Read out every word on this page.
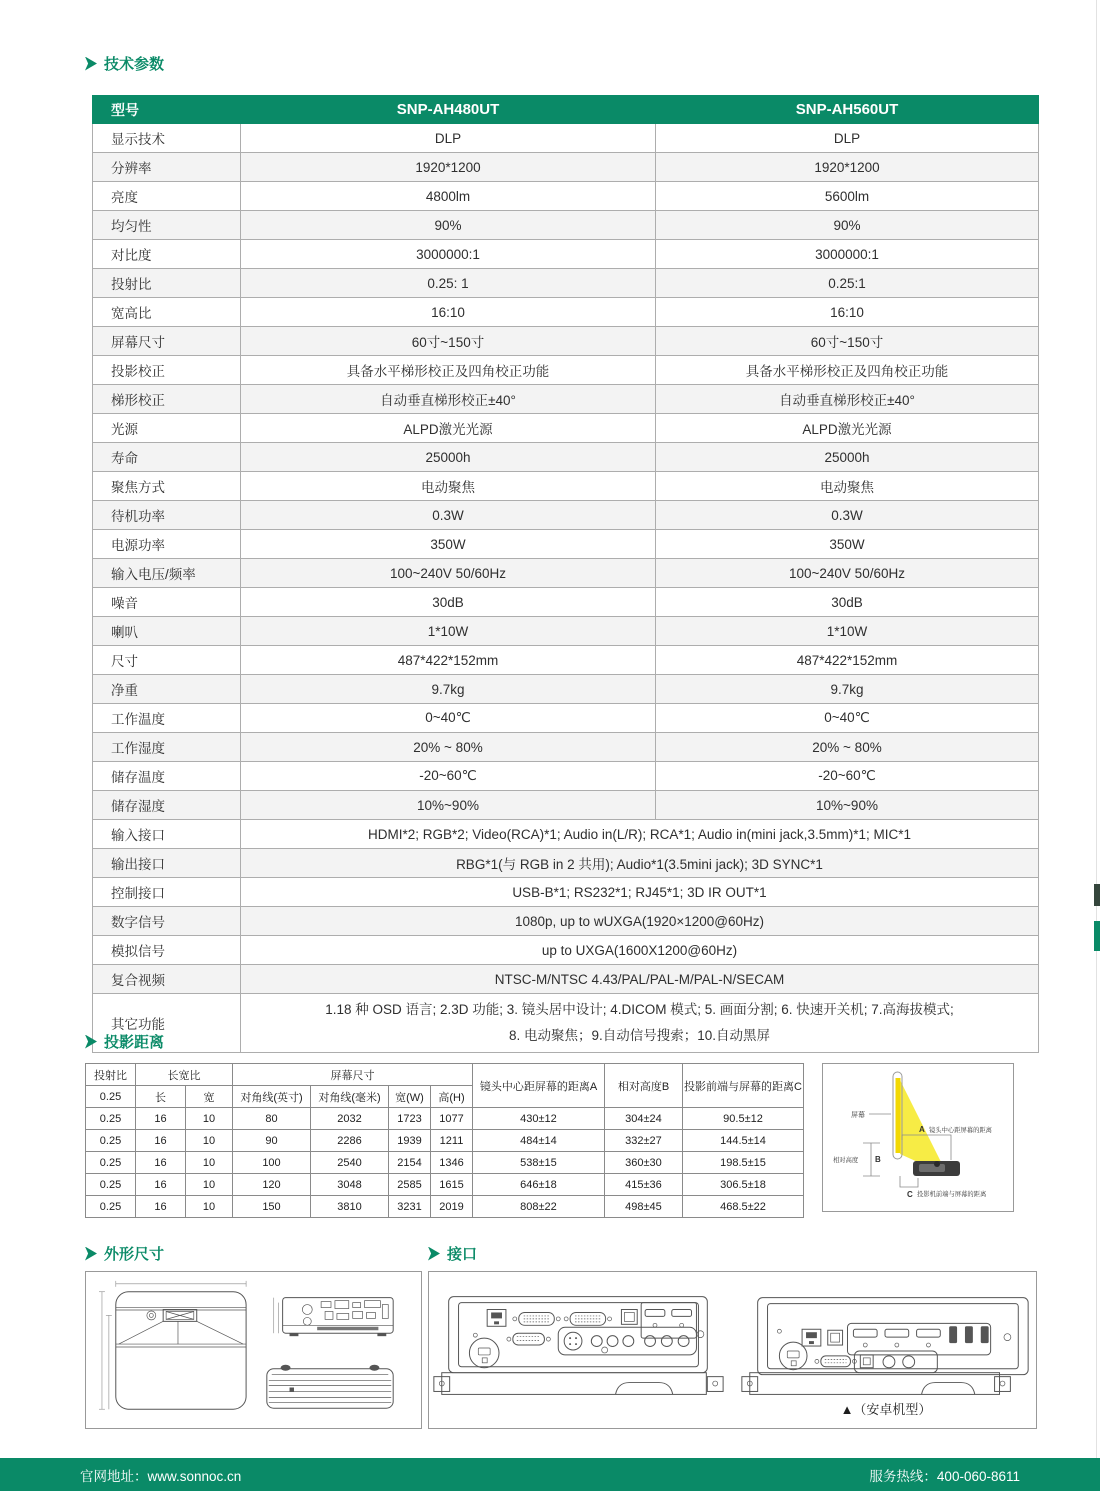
技术参数
型号	SNP-AH480UT	SNP-AH560UT
显示技术	DLP	DLP
分辨率	1920*1200	1920*1200
亮度	4800lm	5600lm
均匀性	90%	90%
对比度	3000000:1	3000000:1
投射比	0.25: 1	0.25:1
宽高比	16:10	16:10
屏幕尺寸	60寸~150寸	60寸~150寸
投影校正	具备水平梯形校正及四角校正功能	具备水平梯形校正及四角校正功能
梯形校正	自动垂直梯形校正±40°	自动垂直梯形校正±40°
光源	ALPD激光光源	ALPD激光光源
寿命	25000h	25000h
聚焦方式	电动聚焦	电动聚焦
待机功率	0.3W	0.3W
电源功率	350W	350W
输入电压/频率	100~240V 50/60Hz	100~240V 50/60Hz
噪音	30dB	30dB
喇叭	1*10W	1*10W
尺寸	487*422*152mm	487*422*152mm
净重	9.7kg	9.7kg
工作温度	0~40℃	0~40℃
工作湿度	20% ~ 80%	20% ~ 80%
储存温度	-20~60℃	-20~60℃
储存湿度	10%~90%	10%~90%
输入接口	HDMI*2; RGB*2; Video(RCA)*1; Audio in(L/R); RCA*1; Audio in(mini jack,3.5mm)*1; MIC*1	
输出接口	RBG*1(与 RGB in 2 共用); Audio*1(3.5mini jack); 3D SYNC*1	
控制接口	USB-B*1; RS232*1; RJ45*1; 3D IR OUT*1	
数字信号	1080p, up to wUXGA(1920×1200@60Hz)	
模拟信号	up to UXGA(1600X1200@60Hz)	
复合视频	NTSC-M/NTSC 4.43/PAL/PAL-M/PAL-N/SECAM	
其它功能	1.18 种 OSD 语言; 2.3D 功能; 3. 镜头居中设计; 4.DICOM 模式; 5. 画面分割; 6. 快速开关机; 7.高海拔模式;
8. 电动聚焦；9.自动信号搜索；10.自动黑屏	
投影距离
投射比	长宽比		屏幕尺寸				镜头中心距屏幕的距离A	相对高度B	投影前端与屏幕的距离C
0.25	长	宽	对角线(英寸)	对角线(毫米)	宽(W)	高(H)			
0.25	16	10	80	2032	1723	1077	430±12	304±24	90.5±12
0.25	16	10	90	2286	1939	1211	484±14	332±27	144.5±14
0.25	16	10	100	2540	2154	1346	538±15	360±30	198.5±15
0.25	16	10	120	3048	2585	1615	646±18	415±36	306.5±18
0.25	16	10	150	3810	3231	2019	808±22	498±45	468.5±22
屏幕
A 镜头中心距屏幕的距离
相对高度 B
C 投影机前端与屏幕的距离
外形尺寸	接口
▲（安卓机型）
官网地址：www.sonnoc.cn	服务热线：400-060-8611
